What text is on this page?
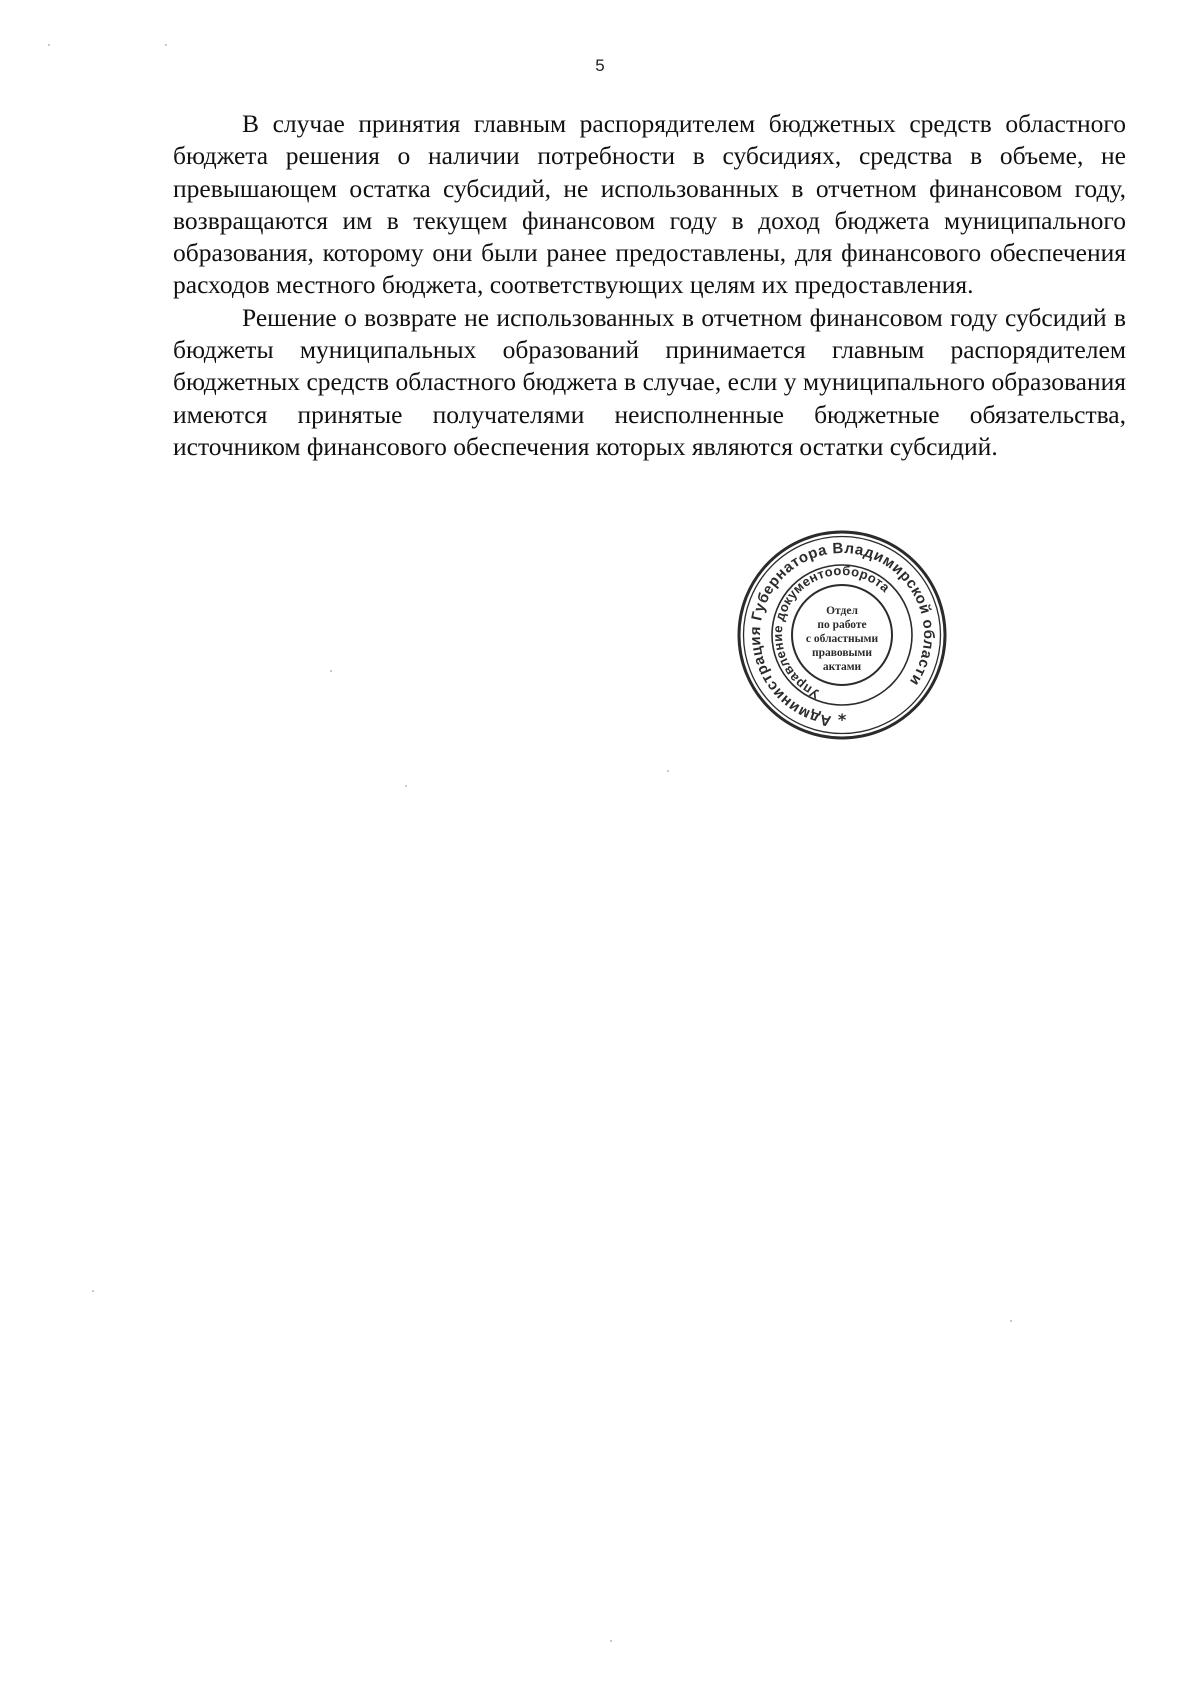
5

В случае принятия главным распорядителем бюджетных средств областного бюджета решения о наличии потребности в субсидиях, средства в объеме, не превышающем остатка субсидий, не использованных в отчетном финансовом году, возвращаются им в текущем финансовом году в доход бюджета муниципального образования, которому они были ранее предоставлены, для финансового обеспечения расходов местного бюджета, соответствующих целям их предоставления.

Решение о возврате не использованных в отчетном финансовом году субсидий в бюджеты муниципальных образований принимается главным распорядителем бюджетных средств областного бюджета в случае, если у муниципального образования имеются принятые получателями неисполненные бюджетные обязательства, источником финансового обеспечения которых являются остатки субсидий.

Администрация Губернатора Владимирской области
Управление документооборота
Отдел
по работе
с областными
правовыми
актами
*
